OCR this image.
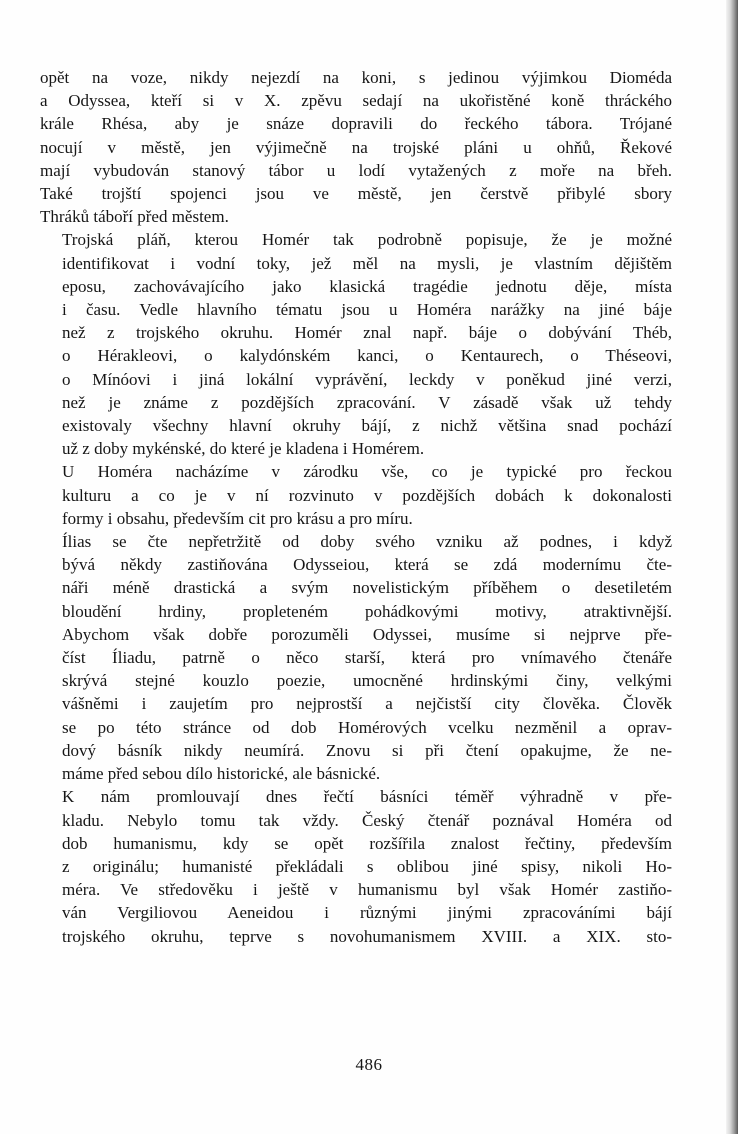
opět na voze, nikdy nejezdí na koni, s jedinou výjimkou Dioméda
a Odyssea, kteří si v X. zpěvu sedají na ukořistěné koně thráckého
krále Rhésa, aby je snáze dopravili do řeckého tábora. Trójané
nocují v městě, jen výjimečně na trojské pláni u ohňů, Řekové
mají vybudován stanový tábor u lodí vytažených z moře na břeh.
Také trojští spojenci jsou ve městě, jen čerstvě přibylé sbory
Thráků táboří před městem.

Trojská pláň, kterou Homér tak podrobně popisuje, že je možné
identifikovat i vodní toky, jež měl na mysli, je vlastním dějištěm
eposu, zachovávajícího jako klasická tragédie jednotu děje, místa
i času. Vedle hlavního tématu jsou u Homéra narážky na jiné báje
než z trojského okruhu. Homér znal např. báje o dobývání Théb,
o Hérakleovi, o kalydónském kanci, o Kentaurech, o Théseovi,
o Mínóovi i jiná lokální vyprávění, leckdy v poněkud jiné verzi,
než je známe z pozdějších zpracování. V zásadě však už tehdy
existovaly všechny hlavní okruhy bájí, z nichž většina snad pochází
už z doby mykénské, do které je kladena i Homérem.

U Homéra nacházíme v zárodku vše, co je typické pro řeckou
kulturu a co je v ní rozvinuto v pozdějších dobách k dokonalosti
formy i obsahu, především cit pro krásu a pro míru.

Ílias se čte nepřetržitě od doby svého vzniku až podnes, i když
bývá někdy zastiňována Odysseiou, která se zdá modernímu čte-
náři méně drastická a svým novelistickým příběhem o desetiletém
bloudění hrdiny, propleteném pohádkovými motivy, atraktivnější.
Abychom však dobře porozuměli Odyssei, musíme si nejprve pře-
číst Íliadu, patrně o něco starší, která pro vnímavého čtenáře
skrývá stejné kouzlo poezie, umocněné hrdinskými činy, velkými
vášněmi i zaujetím pro nejprostší a nejčistší city člověka. Člověk
se po této stránce od dob Homérových vcelku nezměnil a oprav-
dový básník nikdy neumírá. Znovu si při čtení opakujme, že ne-
máme před sebou dílo historické, ale básnické.

K nám promlouvají dnes řečtí básníci téměř výhradně v pře-
kladu. Nebylo tomu tak vždy. Český čtenář poznával Homéra od
dob humanismu, kdy se opět rozšířila znalost řečtiny, především
z originálu; humanisté překládali s oblibou jiné spisy, nikoli Ho-
méra. Ve středověku i ještě v humanismu byl však Homér zastiňo-
ván Vergiliovou Aeneidou i různými jinými zpracováními bájí
trojského okruhu, teprve s novohumanismem XVIII. a XIX. sto-

486
